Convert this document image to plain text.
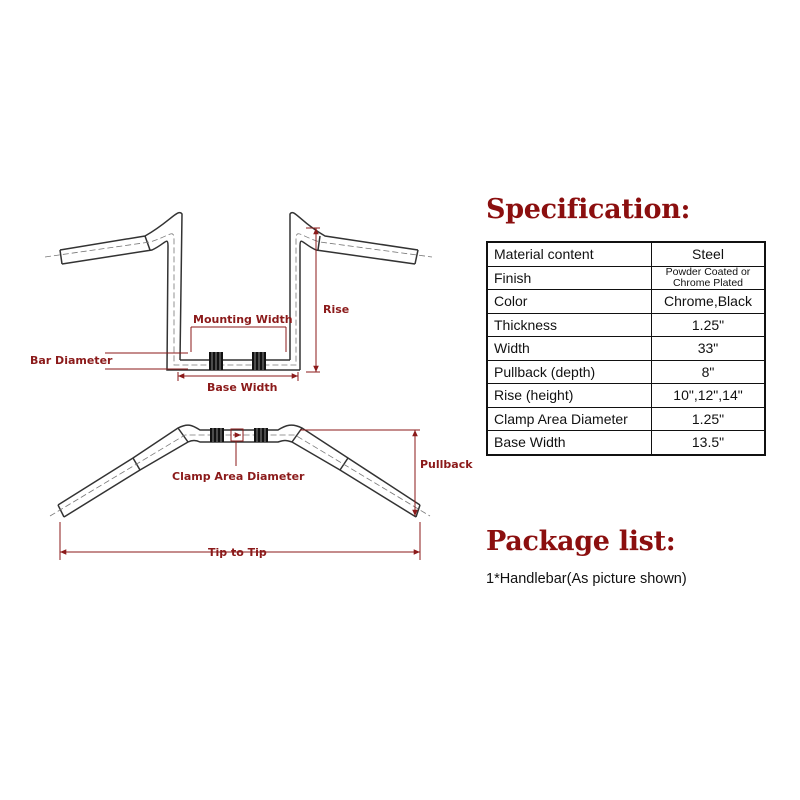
Mounting Width
Rise
Bar Diameter
Base Width
Clamp Area Diameter
Pullback
Tip to Tip
Specification:
Material content	Steel
Finish	Powder Coated or Chrome Plated
Color	Chrome,Black
Thickness	1.25"
Width	33"
Pullback (depth)	8"
Rise (height)	10",12",14"
Clamp Area Diameter	1.25"
Base Width	13.5"
Package list:

1*Handlebar(As picture shown)
